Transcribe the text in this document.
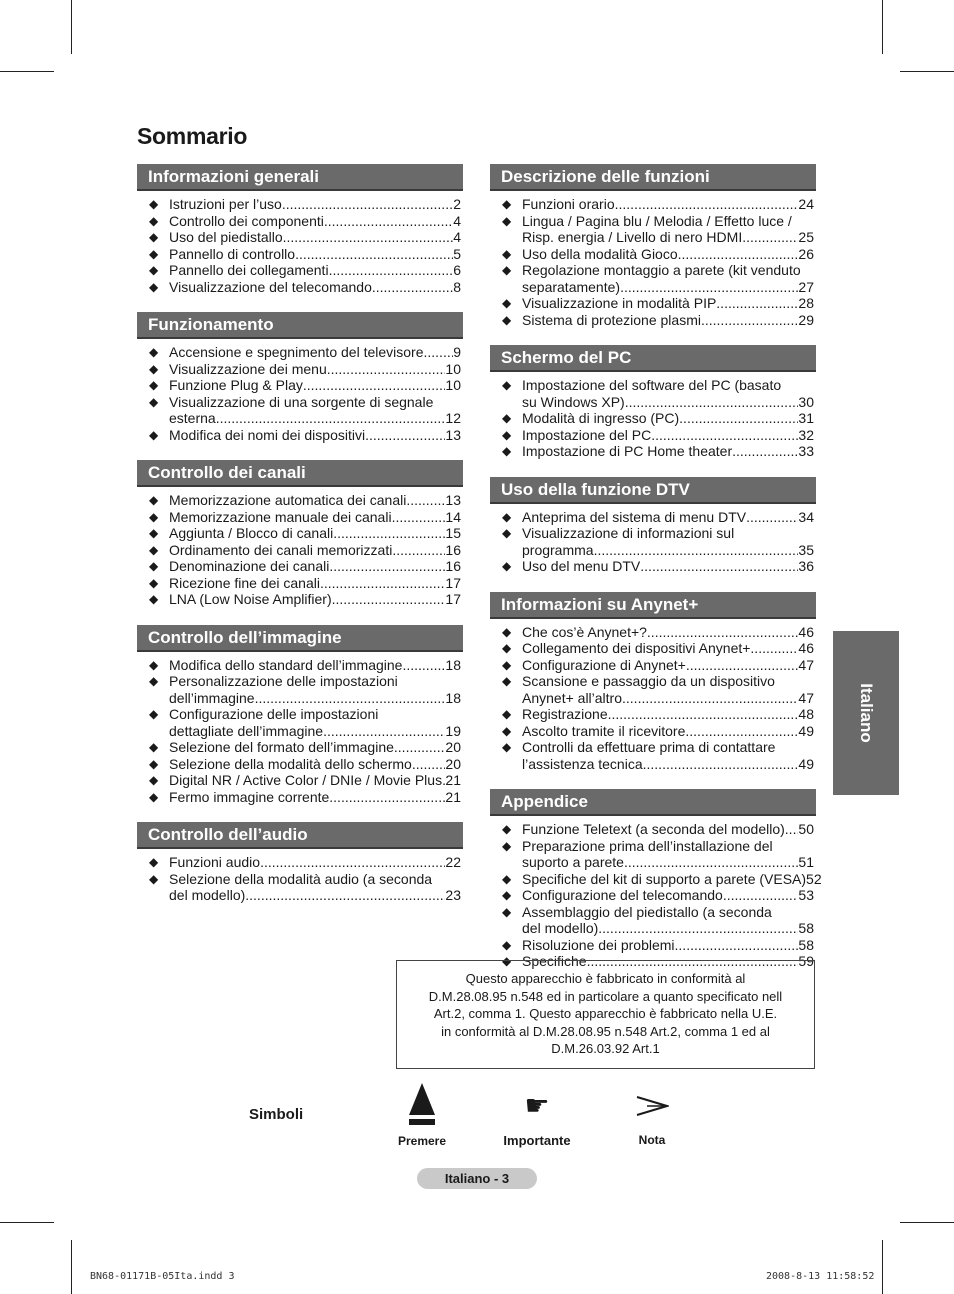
Sommario
Informazioni generali
◆ Istruzioni per l’uso .....	2
◆ Controllo dei componenti .....	4
◆ Uso del piedistallo .....	4
◆ Pannello di controllo .....	5
◆ Pannello dei collegamenti .....	6
◆ Visualizzazione del telecomando .....	8
Funzionamento
◆ Accensione e spegnimento del televisore ..... 9
◆ Visualizzazione dei menu .....	10
◆ Funzione Plug & Play .....	10
◆ Visualizzazione di una sorgente di segnale
esterna .....	12
◆ Modifica dei nomi dei dispositivi .....	13
Controllo dei canali
◆ Memorizzazione automatica dei canali .....	13
◆ Memorizzazione manuale dei canali .....	14
◆ Aggiunta / Blocco di canali .....	15
◆ Ordinamento dei canali memorizzati .....	16
◆ Denominazione dei canali .....	16
◆ Ricezione fine dei canali .....	17
◆ LNA (Low Noise Amplifier) .....	17
Controllo dell’immagine
◆ Modifica dello standard dell’immagine .....	18
◆ Personalizzazione delle impostazioni
dell’immagine .....	18
◆ Configurazione delle impostazioni
dettagliate dell’immagine .....	19
◆ Selezione del formato dell’immagine .....	20
◆ Selezione della modalità dello schermo ..... 20
◆ Digital NR / Active Color / DNIe / Movie Plus ..... 21
◆ Fermo immagine corrente .....	21
Controllo dell’audio
◆ Funzioni audio .....	22
◆ Selezione della modalità audio (a seconda
del modello) .....	23
Descrizione delle funzioni
◆ Funzioni orario .....	24
◆ Lingua / Pagina blu / Melodia / Effetto luce /
Risp. energia / Livello di nero HDMI .....	25
◆ Uso della modalità Gioco .....	26
◆ Regolazione montaggio a parete (kit venduto
separatamente) .....	27
◆ Visualizzazione in modalità PIP .....	28
◆ Sistema di protezione plasmi .....	29
Schermo del PC
◆ Impostazione del software del PC (basato
su Windows XP) .....	30
◆ Modalità di ingresso (PC) .....	31
◆ Impostazione del PC .....	32
◆ Impostazione di PC Home theater .....	33
Uso della funzione DTV
◆ Anteprima del sistema di menu DTV .....	34
◆ Visualizzazione di informazioni sul
programma .....	35
◆ Uso del menu DTV .....	36
Informazioni su Anynet+
◆ Che cos’è Anynet+? .....	46
◆ Collegamento dei dispositivi Anynet+ .....	46
◆ Configurazione di Anynet+ .....	47
◆ Scansione e passaggio da un dispositivo
Anynet+ all’altro .....	47
◆ Registrazione .....	48
◆ Ascolto tramite il ricevitore .....	49
◆ Controlli da effettuare prima di contattare
l’assistenza tecnica .....	49
Appendice
◆ Funzione Teletext (a seconda del modello) ..... 50
◆ Preparazione prima dell’installazione del
suporto a parete .....	51
◆ Specifiche del kit di supporto a parete (VESA) 52
◆ Configurazione del telecomando .....	53
◆ Assemblaggio del piedistallo (a seconda
del modello) .....	58
◆ Risoluzione dei problemi .....	58
◆ Specifiche .....	59
Questo apparecchio è fabbricato in conformità al
D.M.28.08.95 n.548 ed in particolare a quanto specificato nell
Art.2, comma 1. Questo apparecchio è fabbricato nella U.E.
in conformità al D.M.28.08.95 n.548 Art.2, comma 1 ed al
D.M.26.03.92 Art.1
Simboli
Premere
☛
Importante	Nota
Italiano
Italiano - 3
BN68-01171B-05Ita.indd 3	2008-8-13 11:58:52
